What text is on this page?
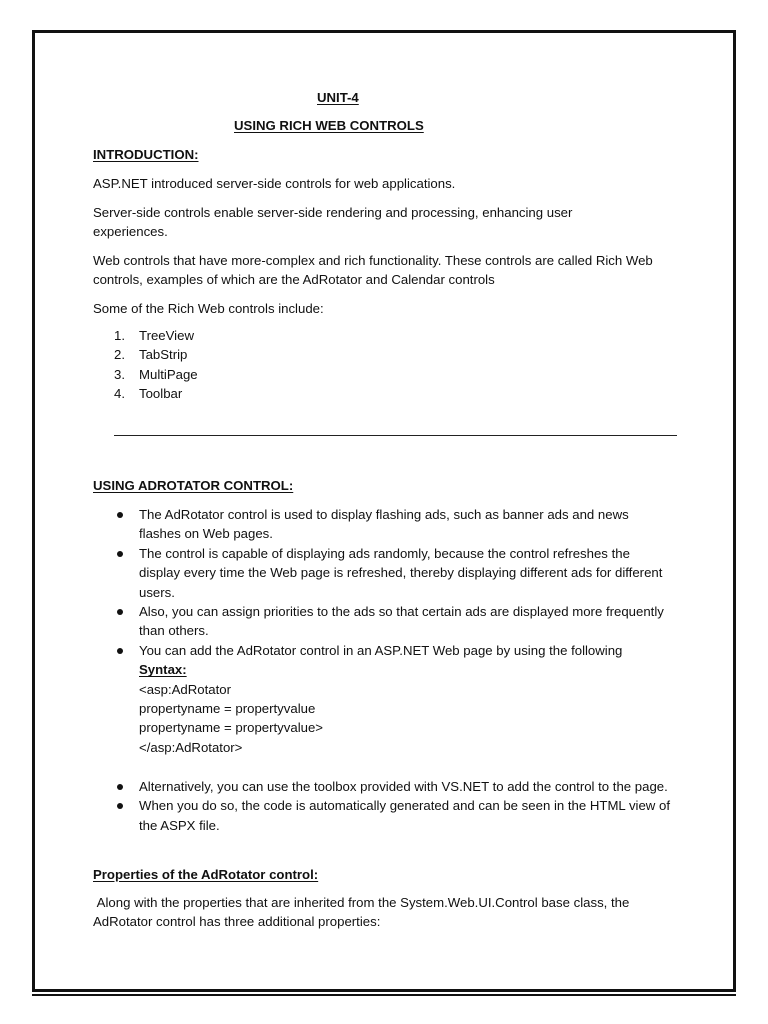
UNIT-4
USING RICH WEB CONTROLS
INTRODUCTION:

ASP.NET introduced server-side controls for web applications.

Server-side controls enable server-side rendering and processing, enhancing user experiences.

Web controls that have more-complex and rich functionality. These controls are called Rich Web controls, examples of which are the AdRotator and Calendar controls

Some of the Rich Web controls include:

1. TreeView
2. TabStrip
3. MultiPage
4. Toolbar
USING ADROTATOR CONTROL:
The AdRotator control is used to display flashing ads, such as banner ads and news flashes on Web pages.
The control is capable of displaying ads randomly, because the control refreshes the display every time the Web page is refreshed, thereby displaying different ads for different users.
Also, you can assign priorities to the ads so that certain ads are displayed more frequently than others.
You can add the AdRotator control in an ASP.NET Web page by using the following
Syntax:
<asp:AdRotator
propertyname = propertyvalue
propertyname = propertyvalue>
</asp:AdRotator>
Alternatively, you can use the toolbox provided with VS.NET to add the control to the page.
When you do so, the code is automatically generated and can be seen in the HTML view of the ASPX file.
Properties of the AdRotator control:

Along with the properties that are inherited from the System.Web.UI.Control base class, the AdRotator control has three additional properties:
